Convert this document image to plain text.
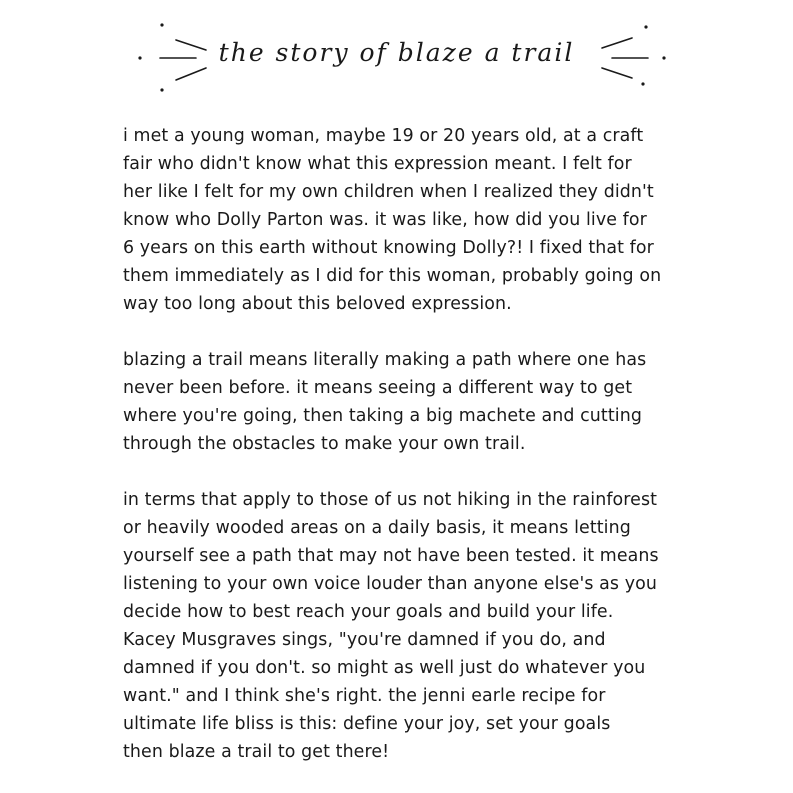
the story of blaze a trail

i met a young woman, maybe 19 or 20 years old, at a craft
fair who didn't know what this expression meant. I felt for
her like I felt for my own children when I realized they didn't
know who Dolly Parton was. it was like, how did you live for
6 years on this earth without knowing Dolly?! I fixed that for
them immediately as I did for this woman, probably going on
way too long about this beloved expression.

blazing a trail means literally making a path where one has
never been before. it means seeing a different way to get
where you're going, then taking a big machete and cutting
through the obstacles to make your own trail.

in terms that apply to those of us not hiking in the rainforest
or heavily wooded areas on a daily basis, it means letting
yourself see a path that may not have been tested. it means
listening to your own voice louder than anyone else's as you
decide how to best reach your goals and build your life.
Kacey Musgraves sings, "you're damned if you do, and
damned if you don't. so might as well just do whatever you
want." and I think she's right. the jenni earle recipe for
ultimate life bliss is this: define your joy, set your goals
then blaze a trail to get there!
